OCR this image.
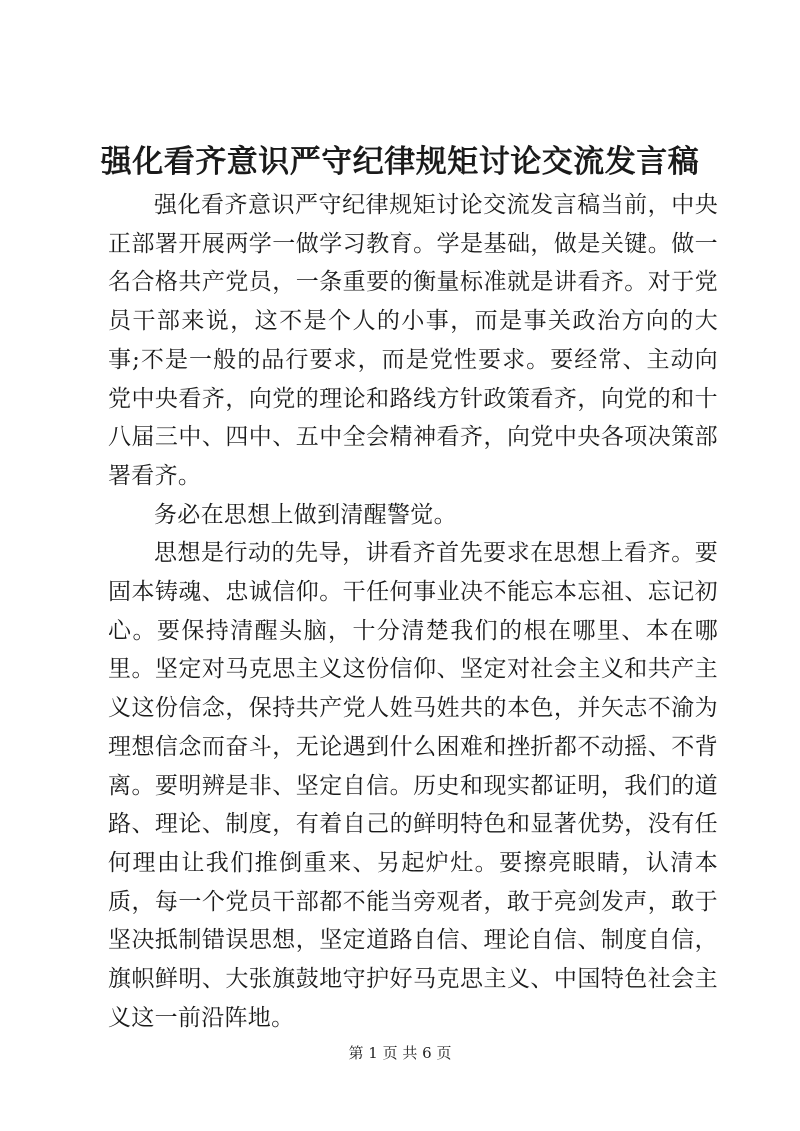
强化看齐意识严守纪律规矩讨论交流发言稿

强化看齐意识严守纪律规矩讨论交流发言稿当前，中央正部署开展两学一做学习教育。学是基础，做是关键。做一名合格共产党员，一条重要的衡量标准就是讲看齐。对于党员干部来说，这不是个人的小事，而是事关政治方向的大事;不是一般的品行要求，而是党性要求。要经常、主动向党中央看齐，向党的理论和路线方针政策看齐，向党的和十八届三中、四中、五中全会精神看齐，向党中央各项决策部署看齐。

务必在思想上做到清醒警觉。

思想是行动的先导，讲看齐首先要求在思想上看齐。要固本铸魂、忠诚信仰。干任何事业决不能忘本忘祖、忘记初心。要保持清醒头脑，十分清楚我们的根在哪里、本在哪里。坚定对马克思主义这份信仰、坚定对社会主义和共产主义这份信念，保持共产党人姓马姓共的本色，并矢志不渝为理想信念而奋斗，无论遇到什么困难和挫折都不动摇、不背离。要明辨是非、坚定自信。历史和现实都证明，我们的道路、理论、制度，有着自己的鲜明特色和显著优势，没有任何理由让我们推倒重来、另起炉灶。要擦亮眼睛，认清本质，每一个党员干部都不能当旁观者，敢于亮剑发声，敢于坚决抵制错误思想，坚定道路自信、理论自信、制度自信，旗帜鲜明、大张旗鼓地守护好马克思主义、中国特色社会主义这一前沿阵地。

第 1 页 共 6 页
